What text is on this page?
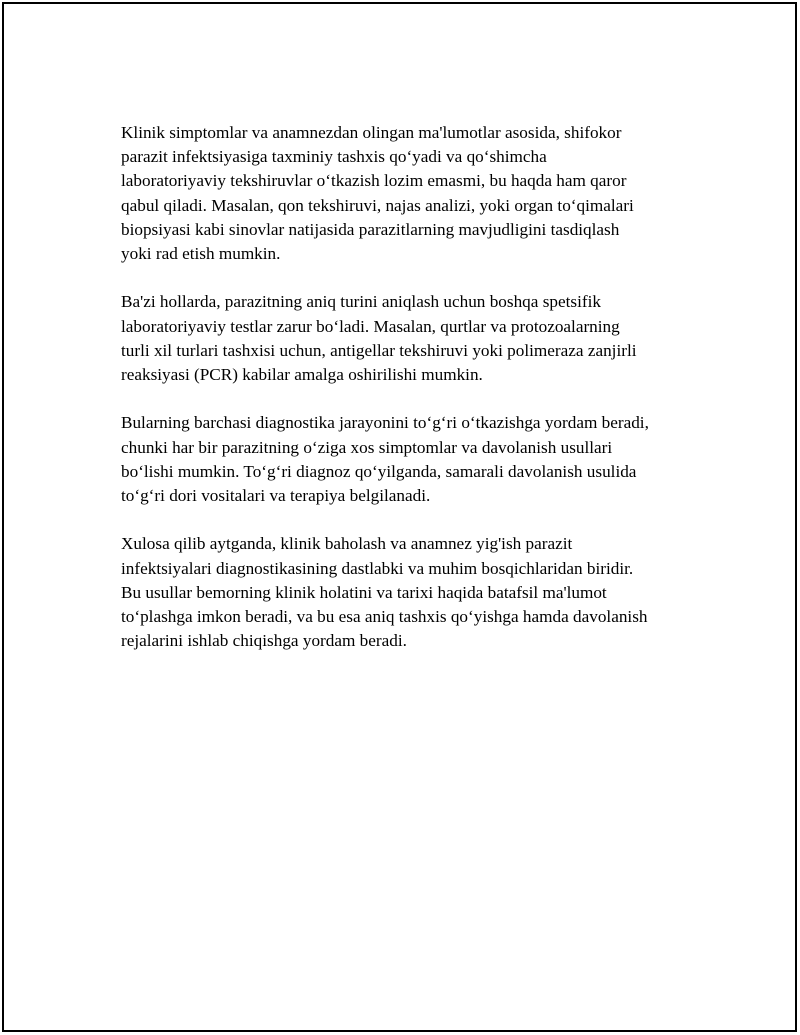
Klinik simptomlar va anamnezdan olingan ma'lumotlar asosida, shifokor
parazit infektsiyasiga taxminiy tashxis qo‘yadi va qo‘shimcha
laboratoriyaviy tekshiruvlar o‘tkazish lozim emasmi, bu haqda ham qaror
qabul qiladi. Masalan, qon tekshiruvi, najas analizi, yoki organ to‘qimalari
biopsiyasi kabi sinovlar natijasida parazitlarning mavjudligini tasdiqlash
yoki rad etish mumkin.

Ba'zi hollarda, parazitning aniq turini aniqlash uchun boshqa spetsifik
laboratoriyaviy testlar zarur bo‘ladi. Masalan, qurtlar va protozoalarning
turli xil turlari tashxisi uchun, antigellar tekshiruvi yoki polimeraza zanjirli
reaksiyasi (PCR) kabilar amalga oshirilishi mumkin.

Bularning barchasi diagnostika jarayonini to‘g‘ri o‘tkazishga yordam beradi,
chunki har bir parazitning o‘ziga xos simptomlar va davolanish usullari
bo‘lishi mumkin. To‘g‘ri diagnoz qo‘yilganda, samarali davolanish usulida
to‘g‘ri dori vositalari va terapiya belgilanadi.

Xulosa qilib aytganda, klinik baholash va anamnez yig'ish parazit
infektsiyalari diagnostikasining dastlabki va muhim bosqichlaridan biridir.
Bu usullar bemorning klinik holatini va tarixi haqida batafsil ma'lumot
to‘plashga imkon beradi, va bu esa aniq tashxis qo‘yishga hamda davolanish
rejalarini ishlab chiqishga yordam beradi.
